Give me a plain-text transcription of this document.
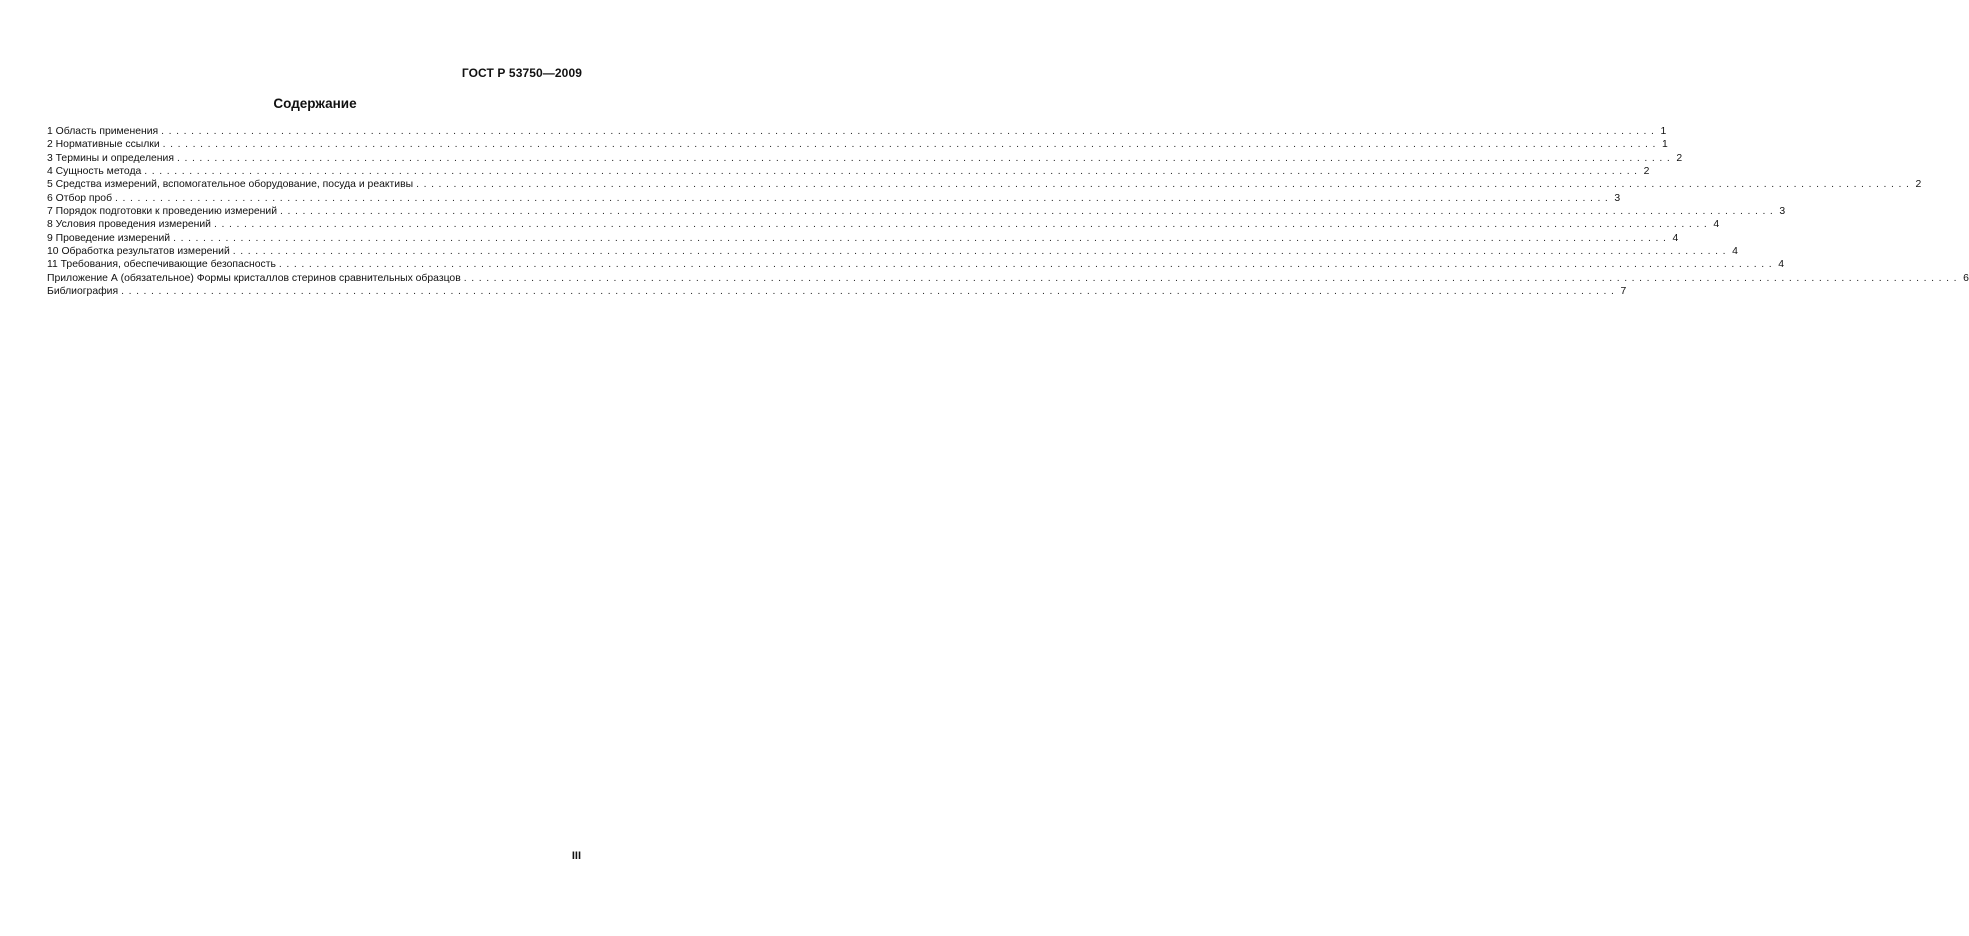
ГОСТ Р 53750—2009
Содержание
1 Область применения ........................................................................................................................................................................................................ 1
2 Нормативные ссылки ........................................................................................................................................................................................................ 1
3 Термины и определения ........................................................................................................................................................................................................ 2
4 Сущность метода ........................................................................................................................................................................................................ 2
5 Средства измерений, вспомогательное оборудование, посуда и реактивы ........................................................................................................................................................................................................ 2
6 Отбор проб ........................................................................................................................................................................................................ 3
7 Порядок подготовки к проведению измерений ........................................................................................................................................................................................................ 3
8 Условия проведения измерений ........................................................................................................................................................................................................ 4
9 Проведение измерений ........................................................................................................................................................................................................ 4
10 Обработка результатов измерений ........................................................................................................................................................................................................ 4
11 Требования, обеспечивающие безопасность ........................................................................................................................................................................................................ 4
Приложение А (обязательное) Формы кристаллов стеринов сравнительных образцов ........................................................................................................................................................................................................ 6
Библиография ........................................................................................................................................................................................................ 7
III
